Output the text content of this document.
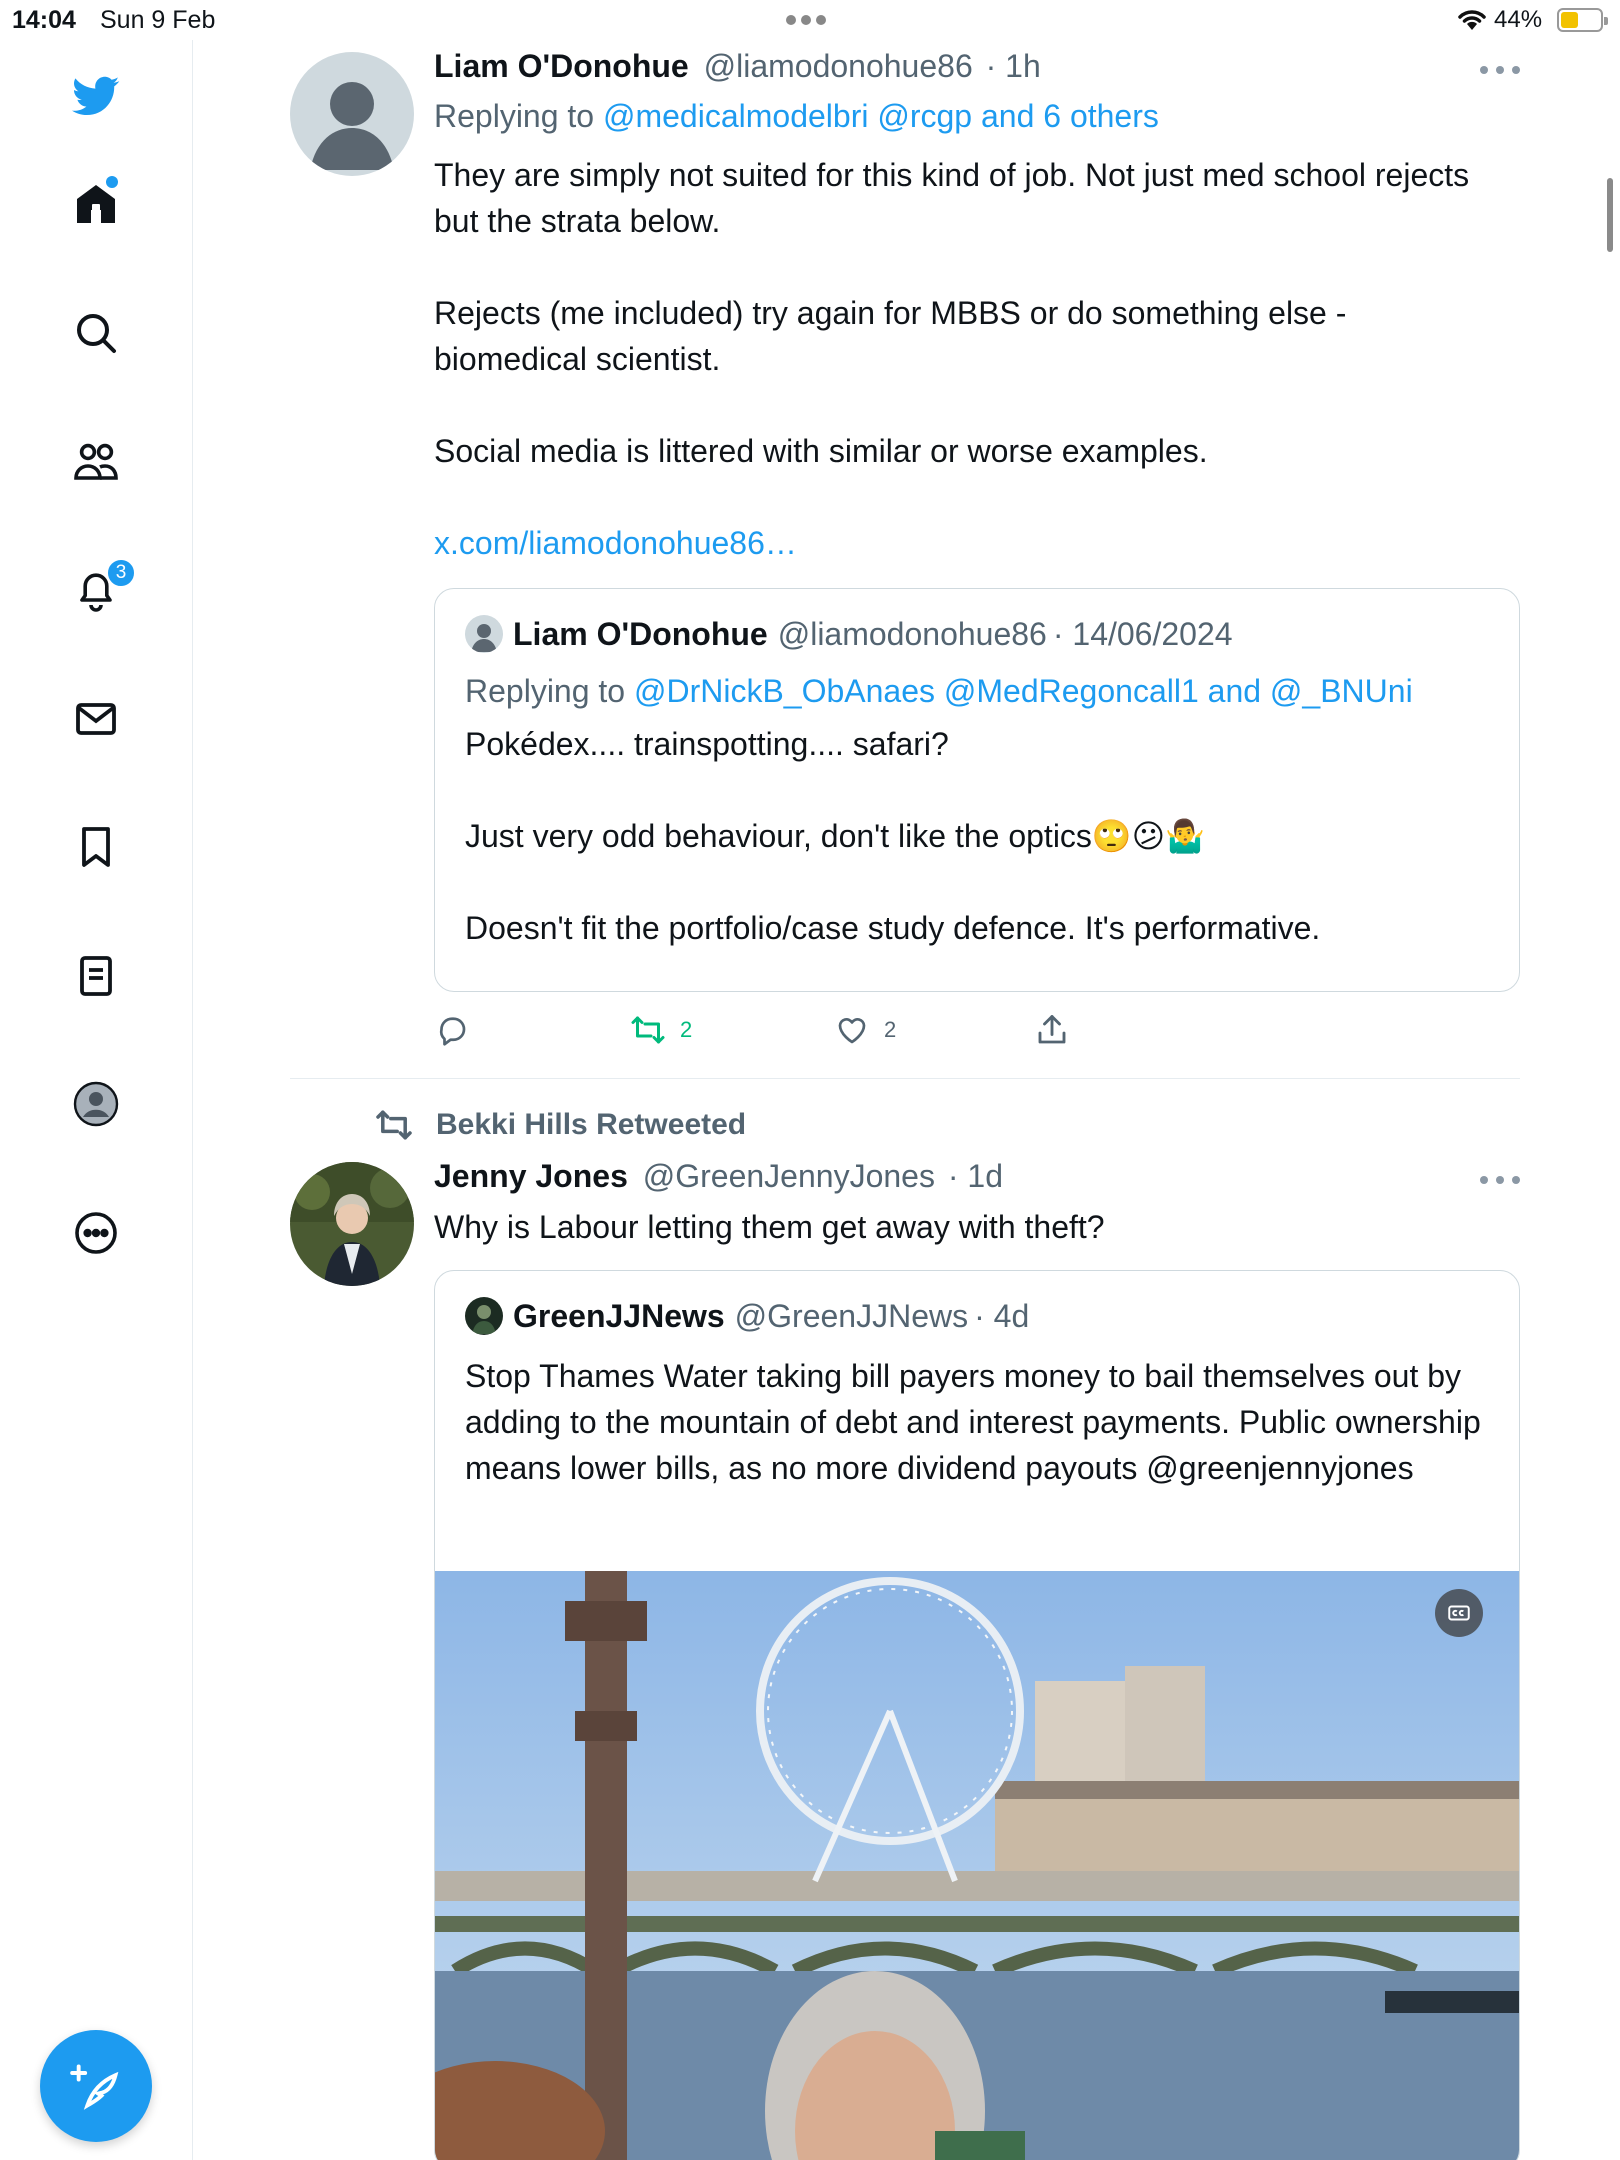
14:04 Sun 9 Feb	44%
3
Liam O'Donohue @liamodonohue86 · 1h
Replying to @medicalmodelbri @rcgp and 6 others

They are simply not suited for this kind of job. Not just med school rejects but the strata below.

Rejects (me included) try again for MBBS or do something else - biomedical scientist.

Social media is littered with similar or worse examples.

x.com/liamodonohue86…

Liam O'Donohue @liamodonohue86 · 14/06/2024
Replying to @DrNickB_ObAnaes @MedRegoncall1 and @_BNUni

Pokédex.... trainspotting.... safari?

Just very odd behaviour, don't like the optics🙄😕🤷‍♂️

Doesn't fit the portfolio/case study defence. It's performative.

2	2
Bekki Hills Retweeted
Jenny Jones @GreenJennyJones · 1d

Why is Labour letting them get away with theft?

GreenJJNews @GreenJJNews · 4d

Stop Thames Water taking bill payers money to bail themselves out by adding to the mountain of debt and interest payments. Public ownership means lower bills, as no more dividend payouts @greenjennyjones
